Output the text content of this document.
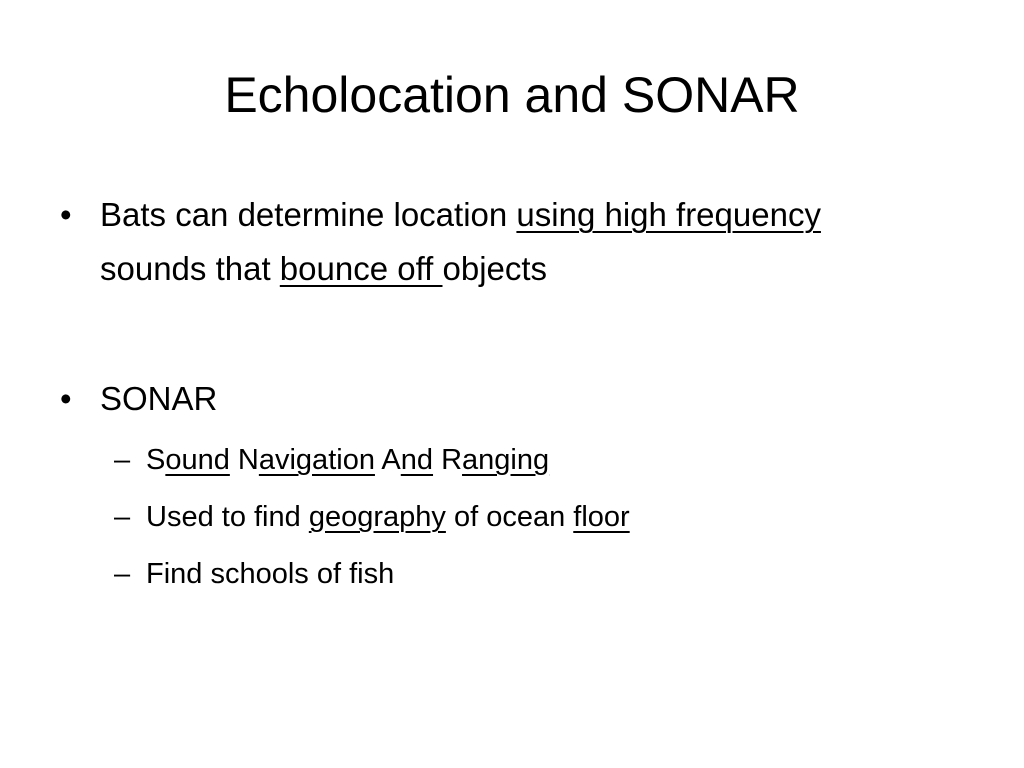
Echolocation and SONAR
• Bats can determine location using high frequency sounds that bounce off objects
• SONAR
– Sound Navigation And Ranging
– Used to find geography of ocean floor
– Find schools of fish
